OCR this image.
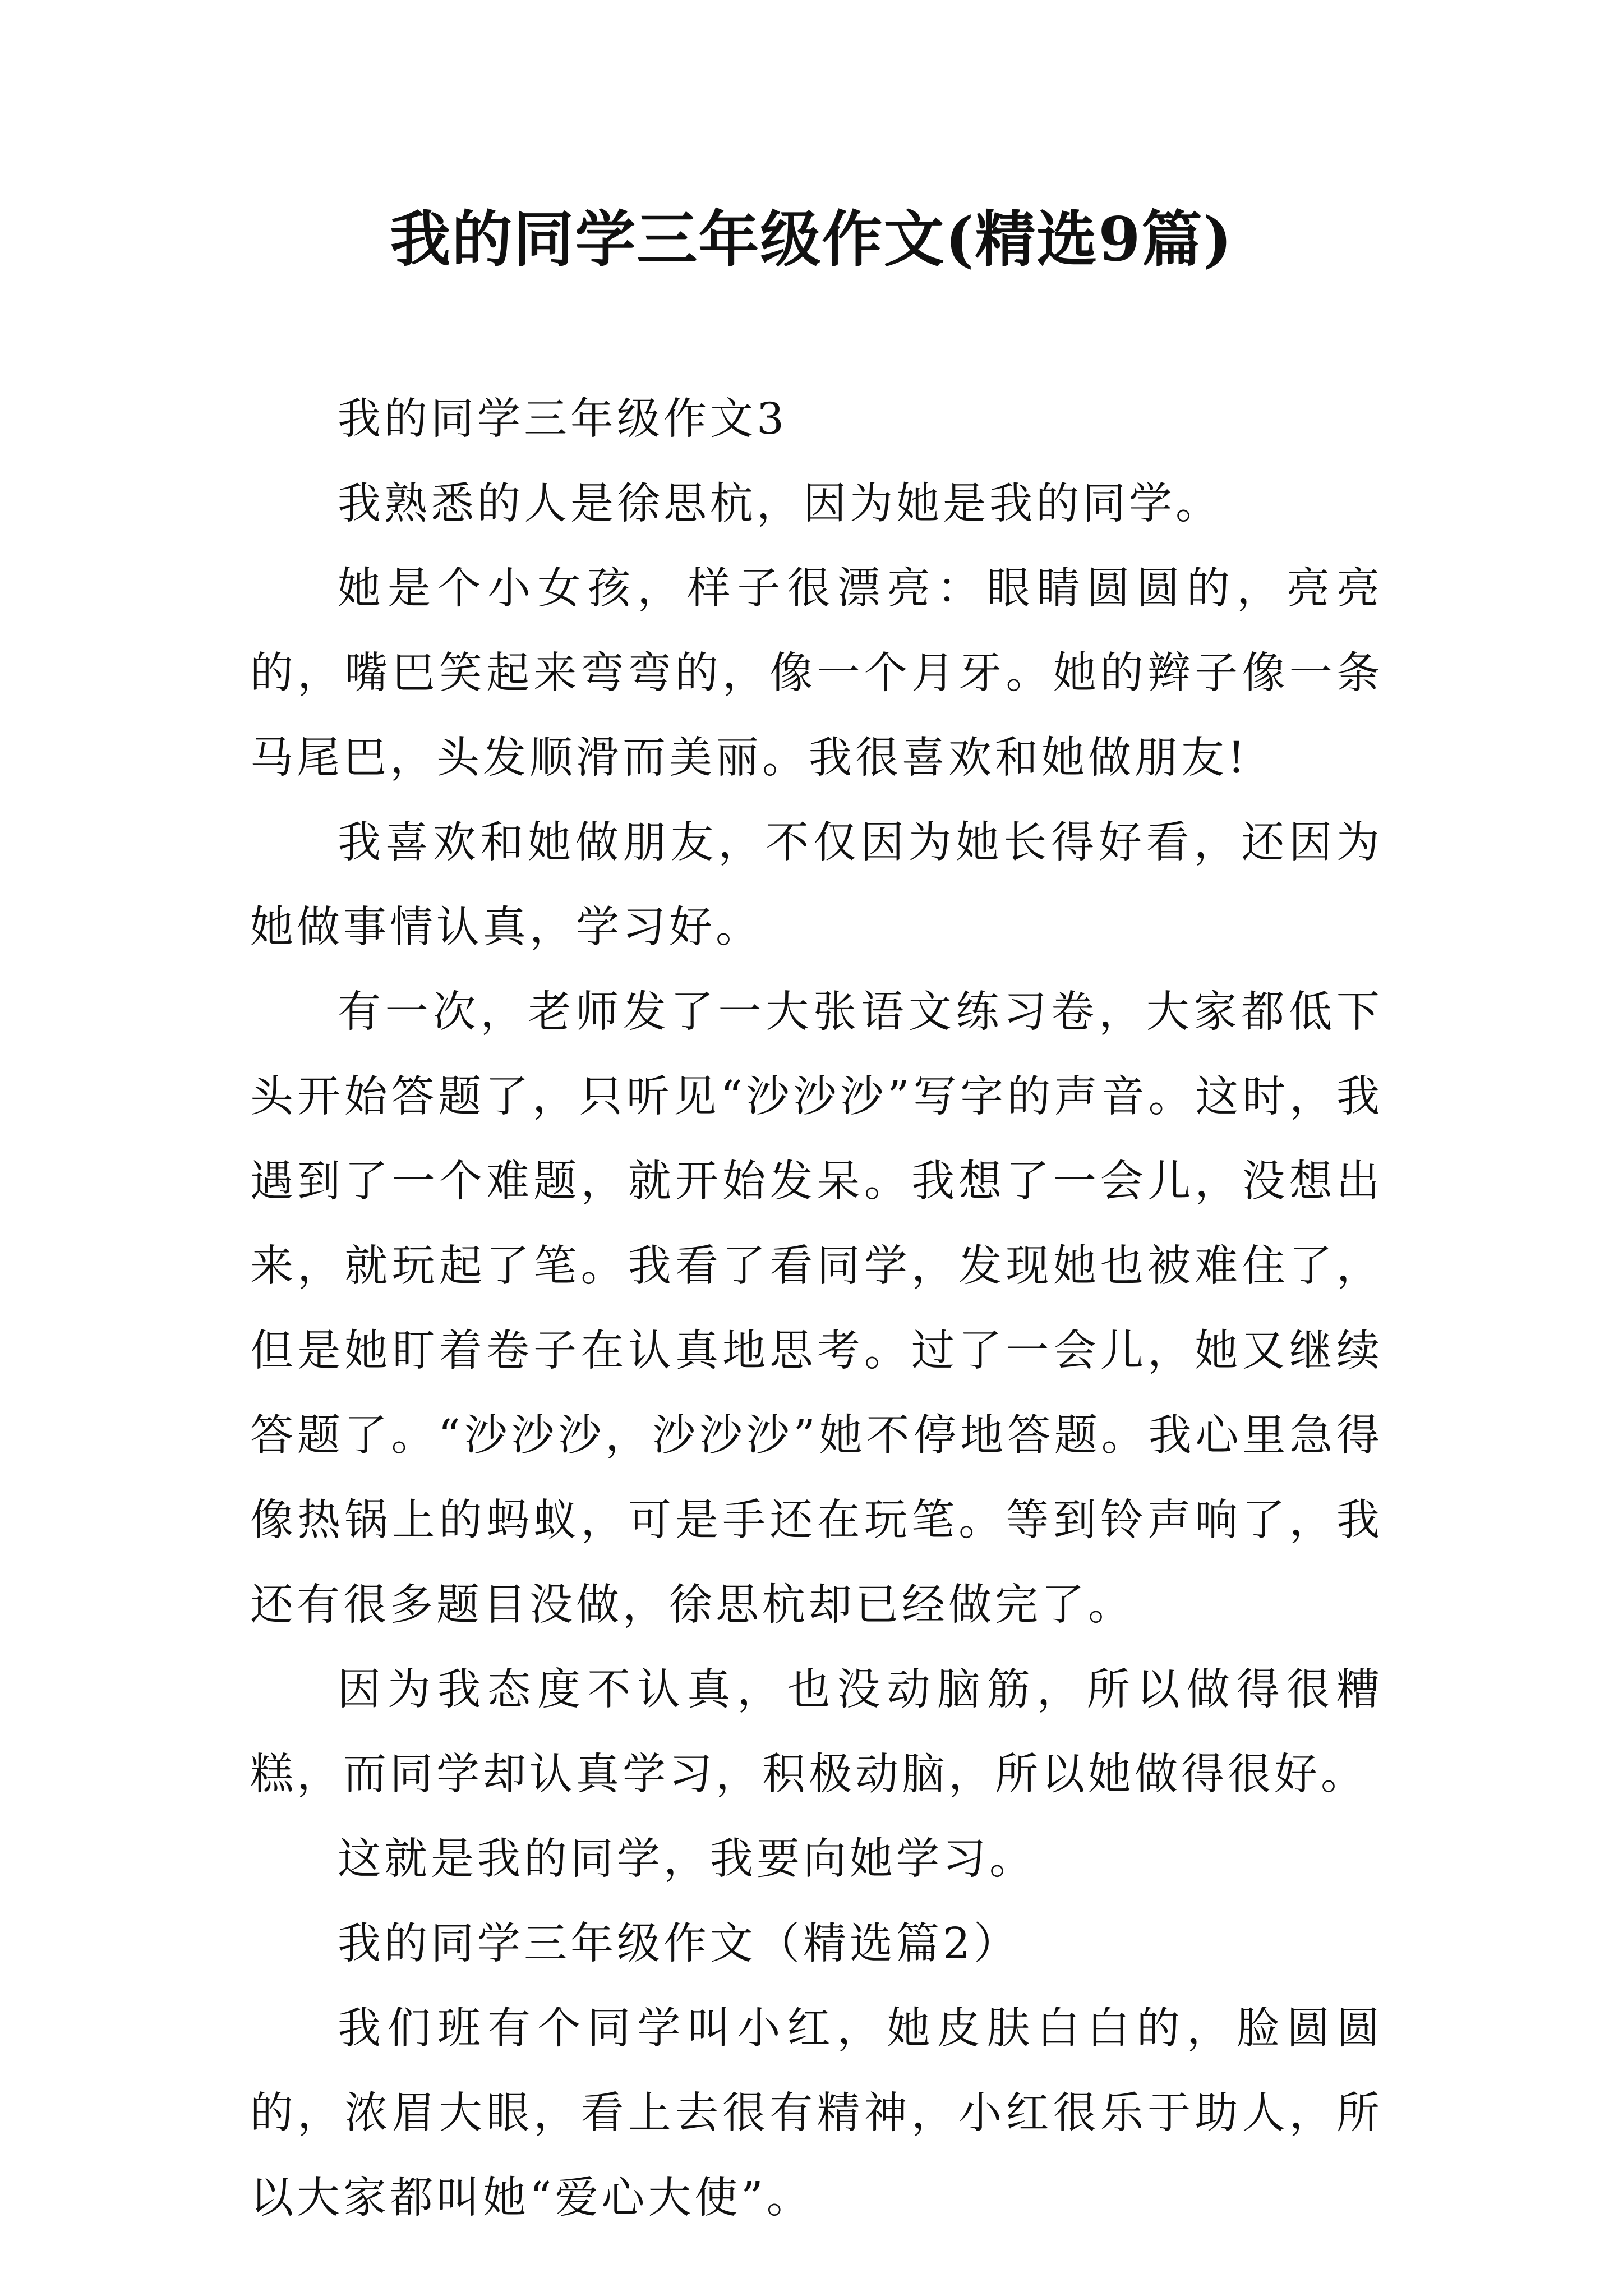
我的同学三年级作文(精选9篇)

我的同学三年级作文3

我熟悉的人是徐思杭，因为她是我的同学。

她是个小女孩，样子很漂亮：眼睛圆圆的，亮亮的，嘴巴笑起来弯弯的，像一个月牙。她的辫子像一条马尾巴，头发顺滑而美丽。我很喜欢和她做朋友!

我喜欢和她做朋友，不仅因为她长得好看，还因为她做事情认真，学习好。

有一次，老师发了一大张语文练习卷，大家都低下头开始答题了，只听见“沙沙沙”写字的声音。这时，我遇到了一个难题，就开始发呆。我想了一会儿，没想出来，就玩起了笔。我看了看同学，发现她也被难住了，但是她盯着卷子在认真地思考。过了一会儿，她又继续答题了。“沙沙沙，沙沙沙”她不停地答题。我心里急得像热锅上的蚂蚁，可是手还在玩笔。等到铃声响了，我还有很多题目没做，徐思杭却已经做完了。

因为我态度不认真，也没动脑筋，所以做得很糟糕，而同学却认真学习，积极动脑，所以她做得很好。

这就是我的同学，我要向她学习。

我的同学三年级作文（精选篇2）

我们班有个同学叫小红，她皮肤白白的，脸圆圆的，浓眉大眼，看上去很有精神，小红很乐于助人，所以大家都叫她“爱心大使”。
